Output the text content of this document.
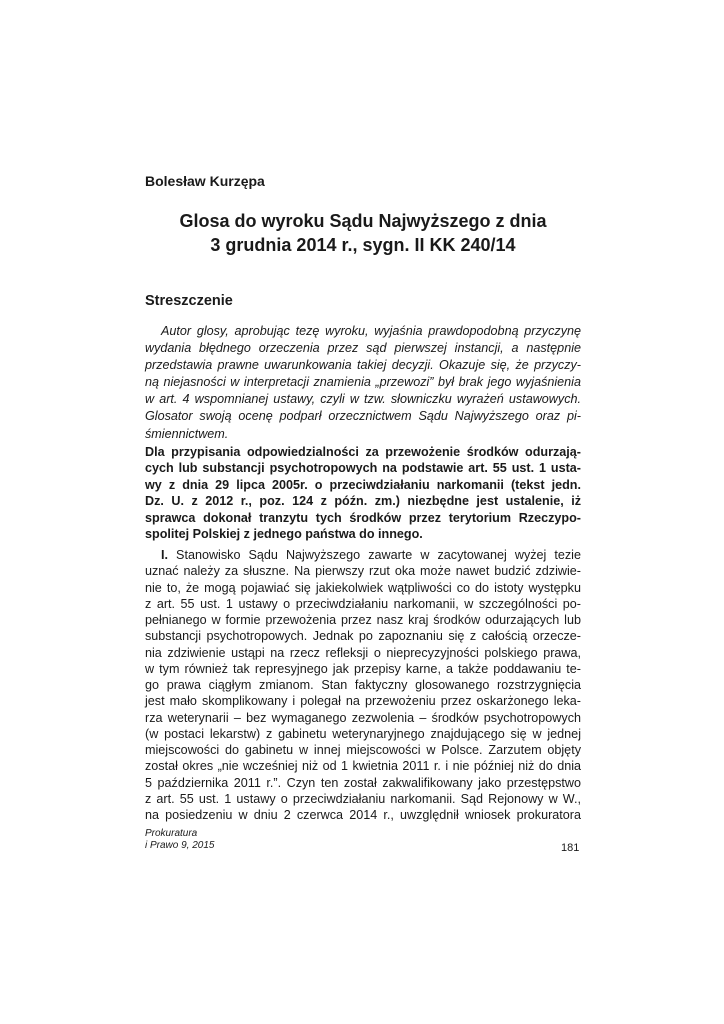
Bolesław Kurzępa

Glosa do wyroku Sądu Najwyższego z dnia
3 grudnia 2014 r., sygn. II KK 240/14
Streszczenie
Autor glosy, aprobując tezę wyroku, wyjaśnia prawdopodobną przyczynę
wydania błędnego orzeczenia przez sąd pierwszej instancji, a następnie
przedstawia prawne uwarunkowania takiej decyzji. Okazuje się, że przyczy-
ną niejasności w interpretacji znamienia „przewozi” był brak jego wyjaśnienia
w art. 4 wspomnianej ustawy, czyli w tzw. słowniczku wyrażeń ustawowych.
Glosator swoją ocenę podparł orzecznictwem Sądu Najwyższego oraz pi-
śmiennictwem.
Dla przypisania odpowiedzialności za przewożenie środków odurzają-
cych lub substancji psychotropowych na podstawie art. 55 ust. 1 usta-
wy z dnia 29 lipca 2005r. o przeciwdziałaniu narkomanii (tekst jedn.
Dz. U. z 2012 r., poz. 124 z późn. zm.) niezbędne jest ustalenie, iż
sprawca dokonał tranzytu tych środków przez terytorium Rzeczypo-
spolitej Polskiej z jednego państwa do innego.
I. Stanowisko Sądu Najwyższego zawarte w zacytowanej wyżej tezie
uznać należy za słuszne. Na pierwszy rzut oka może nawet budzić zdziwie-
nie to, że mogą pojawiać się jakiekolwiek wątpliwości co do istoty występku
z art. 55 ust. 1 ustawy o przeciwdziałaniu narkomanii, w szczególności po-
pełnianego w formie przewożenia przez nasz kraj środków odurzających lub
substancji psychotropowych. Jednak po zapoznaniu się z całością orzecze-
nia zdziwienie ustąpi na rzecz refleksji o nieprecyzyjności polskiego prawa,
w tym również tak represyjnego jak przepisy karne, a także poddawaniu te-
go prawa ciągłym zmianom. Stan faktyczny glosowanego rozstrzygnięcia
jest mało skomplikowany i polegał na przewożeniu przez oskarżonego leka-
rza weterynarii – bez wymaganego zezwolenia – środków psychotropowych
(w postaci lekarstw) z gabinetu weterynaryjnego znajdującego się w jednej
miejscowości do gabinetu w innej miejscowości w Polsce. Zarzutem objęty
został okres „nie wcześniej niż od 1 kwietnia 2011 r. i nie później niż do dnia
5 października 2011 r.”. Czyn ten został zakwalifikowany jako przestępstwo
z art. 55 ust. 1 ustawy o przeciwdziałaniu narkomanii. Sąd Rejonowy w W.,
na posiedzeniu w dniu 2 czerwca 2014 r., uwzględnił wniosek prokuratora

Prokuratura
i Prawo 9, 2015	181
